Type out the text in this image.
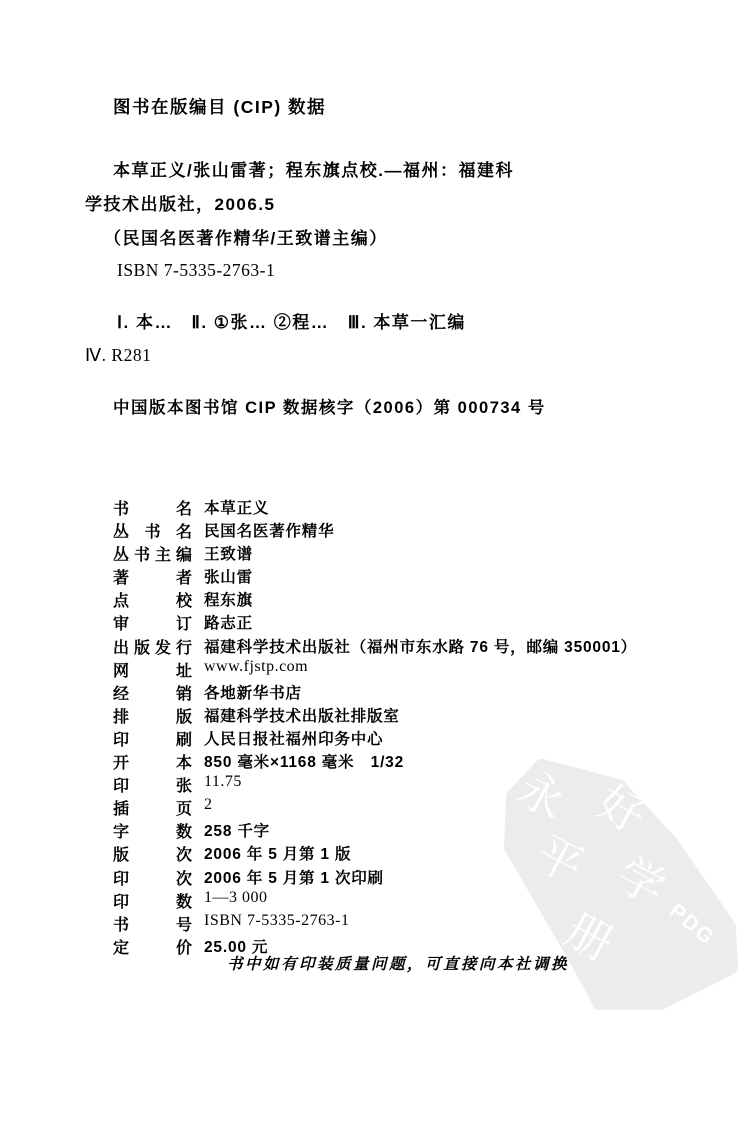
图书在版编目 (CIP) 数据
本草正义/张山雷著；程东旗点校.—福州：福建科
学技术出版社，2006.5
（民国名医著作精华/王致谱主编）
ISBN 7-5335-2763-1
Ⅰ. 本…　Ⅱ. ①张… ②程…　Ⅲ. 本草一汇编
Ⅳ. R281
中国版本图书馆 CIP 数据核字（2006）第 000734 号
书名 本草正义
丛书名 民国名医著作精华
丛书主编 王致谱
著者 张山雷
点校 程东旗
审订 路志正
出版发行 福建科学技术出版社（福州市东水路 76 号，邮编 350001）
网址 www.fjstp.com
经销 各地新华书店
排版 福建科学技术出版社排版室
印刷 人民日报社福州印务中心
开本 850 毫米×1168 毫米　1/32
印张 11.75
插页 2
字数 258 千字
版次 2006 年 5 月第 1 版
印次 2006 年 5 月第 1 次印刷
印数 1—3 000
书号 ISBN 7-5335-2763-1
定价 25.00 元
书中如有印装质量问题，可直接向本社调换
永 好
平 学
册 PDG
